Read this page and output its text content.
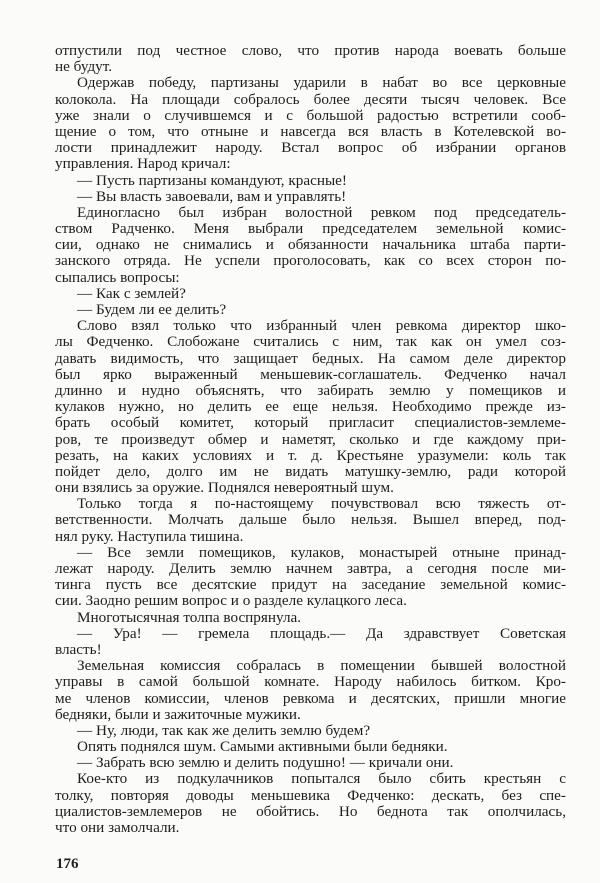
отпустили под честное слово, что против народа воевать больше
не будут.
Одержав победу, партизаны ударили в набат во все церковные
колокола. На площади собралось более десяти тысяч человек. Все
уже знали о случившемся и с большой радостью встретили сооб-
щение о том, что отныне и навсегда вся власть в Котелевской во-
лости принадлежит народу. Встал вопрос об избрании органов
управления. Народ кричал:
— Пусть партизаны командуют, красные!
— Вы власть завоевали, вам и управлять!
Единогласно был избран волостной ревком под председатель-
ством Радченко. Меня выбрали председателем земельной комис-
сии, однако не снимались и обязанности начальника штаба парти-
занского отряда. Не успели проголосовать, как со всех сторон по-
сыпались вопросы:
— Как с землей?
— Будем ли ее делить?
Слово взял только что избранный член ревкома директор шко-
лы Федченко. Слобожане считались с ним, так как он умел соз-
давать видимость, что защищает бедных. На самом деле директор
был ярко выраженный меньшевик-соглашатель. Федченко начал
длинно и нудно объяснять, что забирать землю у помещиков и
кулаков нужно, но делить ее еще нельзя. Необходимо прежде из-
брать особый комитет, который пригласит специалистов-землеме-
ров, те произведут обмер и наметят, сколько и где каждому при-
резать, на каких условиях и т. д. Крестьяне уразумели: коль так
пойдет дело, долго им не видать матушку-землю, ради которой
они взялись за оружие. Поднялся невероятный шум.
Только тогда я по-настоящему почувствовал всю тяжесть от-
ветственности. Молчать дальше было нельзя. Вышел вперед, под-
нял руку. Наступила тишина.
— Все земли помещиков, кулаков, монастырей отныне принад-
лежат народу. Делить землю начнем завтра, а сегодня после ми-
тинга пусть все десятские придут на заседание земельной комис-
сии. Заодно решим вопрос и о разделе кулацкого леса.
Многотысячная толпа воспрянула.
— Ура! — гремела площадь.— Да здравствует Советская
власть!
Земельная комиссия собралась в помещении бывшей волостной
управы в самой большой комнате. Народу набилось битком. Кро-
ме членов комиссии, членов ревкома и десятских, пришли многие
бедняки, были и зажиточные мужики.
— Ну, люди, так как же делить землю будем?
Опять поднялся шум. Самыми активными были бедняки.
— Забрать всю землю и делить подушно! — кричали они.
Кое-кто из подкулачников попытался было сбить крестьян с
толку, повторяя доводы меньшевика Федченко: дескать, без спе-
циалистов-землемеров не обойтись. Но беднота так ополчилась,
что они замолчали.
176
